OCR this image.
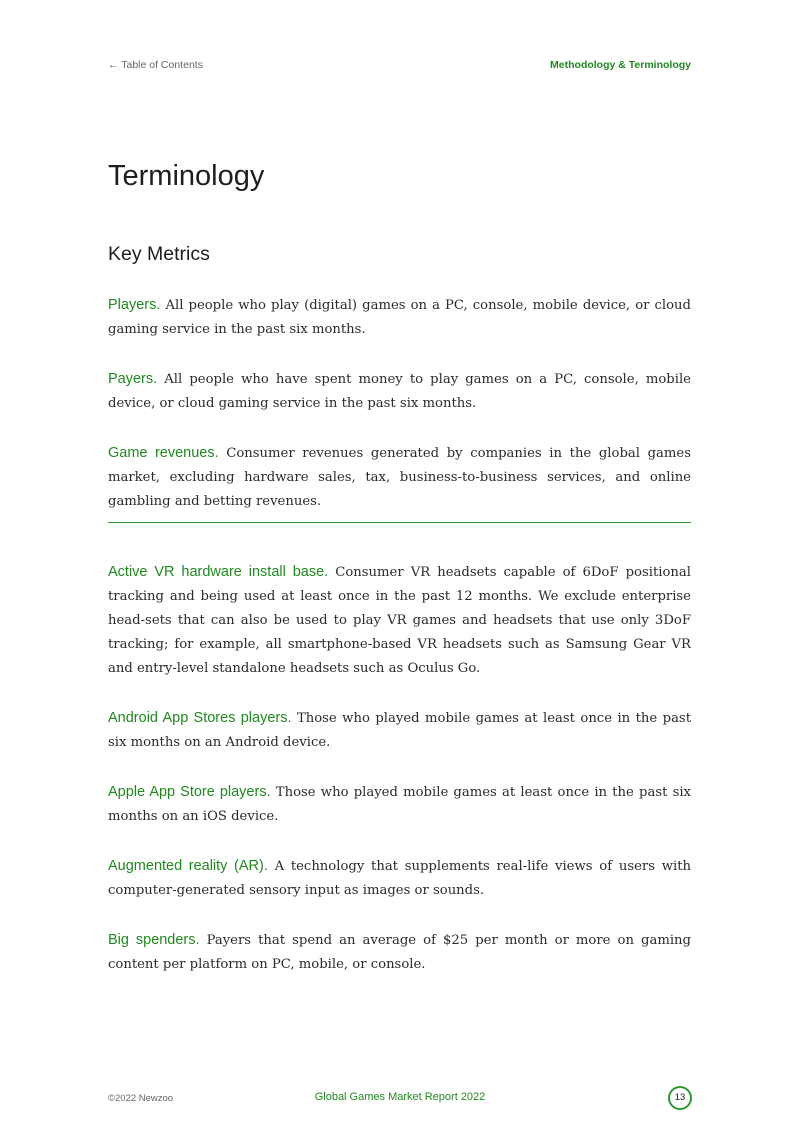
← Table of Contents	Methodology & Terminology
Terminology
Key Metrics

Players. All people who play (digital) games on a PC, console, mobile device, or cloud gaming service in the past six months.

Payers. All people who have spent money to play games on a PC, console, mobile device, or cloud gaming service in the past six months.

Game revenues. Consumer revenues generated by companies in the global games market, excluding hardware sales, tax, business-to-business services, and online gambling and betting revenues.

Active VR hardware install base. Consumer VR headsets capable of 6DoF positional tracking and being used at least once in the past 12 months. We exclude enterprise head-sets that can also be used to play VR games and headsets that use only 3DoF tracking; for example, all smartphone-based VR headsets such as Samsung Gear VR and entry-level standalone headsets such as Oculus Go.

Android App Stores players. Those who played mobile games at least once in the past six months on an Android device.

Apple App Store players. Those who played mobile games at least once in the past six months on an iOS device.

Augmented reality (AR). A technology that supplements real-life views of users with computer-generated sensory input as images or sounds.

Big spenders. Payers that spend an average of $25 per month or more on gaming content per platform on PC, mobile, or console.

©2022 Newzoo	Global Games Market Report 2022	13
